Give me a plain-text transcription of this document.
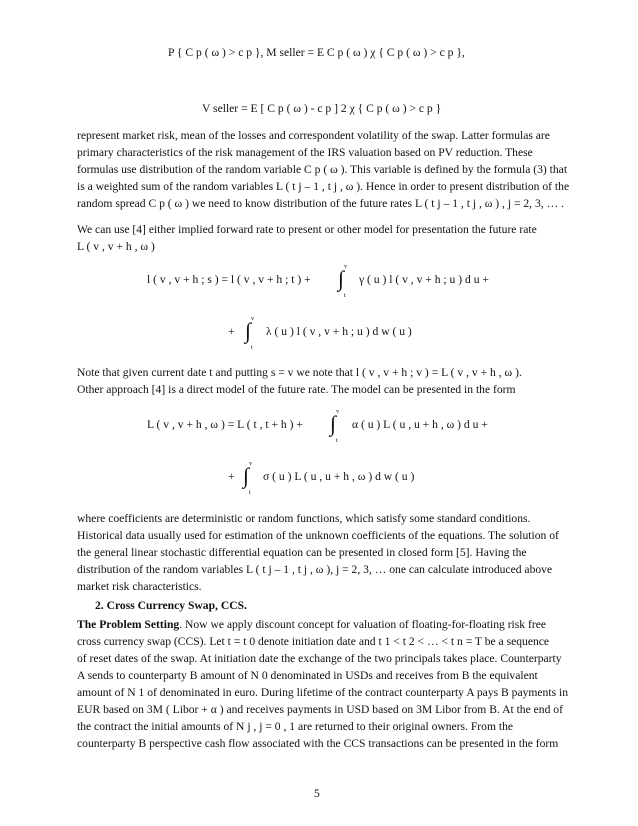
P { C p ( ω ) > c p }, M seller = E C p ( ω ) χ { C p ( ω ) > c p },
V seller = E [ C p ( ω ) - c p ] 2 χ { C p ( ω ) > c p }
represent market risk, mean of the losses and correspondent volatility of the swap. Latter formulas are
primary characteristics of the risk management of the IRS valuation based on PV reduction. These
formulas use distribution of the random variable C p ( ω ). This variable is defined by the formula (3) that
is a weighted sum of the random variables L ( t j – 1 , t j , ω ). Hence in order to present distribution of the
random spread C p ( ω ) we need to know distribution of the future rates L ( t j – 1 , t j , ω ) , j = 2, 3, … .
We can use [4] either implied forward rate to present or other model for presentation the future rate
L ( v , v + h , ω )
l ( v , v + h ; s ) = l ( v , v + h ; t ) +
v
∫
t
γ ( u ) l ( v , v + h ; u ) d u +
+
v
∫
t
λ ( u ) l ( v , v + h ; u ) d w ( u )
Note that given current date t and putting s = v we note that l ( v , v + h ; v ) = L ( v , v + h , ω ).
Other approach [4] is a direct model of the future rate. The model can be presented in the form
L ( v , v + h , ω ) = L ( t , t + h ) +
v
∫
t
α ( u ) L ( u , u + h , ω ) d u +
+
v
∫
t
σ ( u ) L ( u , u + h , ω ) d w ( u )
where coefficients are deterministic or random functions, which satisfy some standard conditions.
Historical data usually used for estimation of the unknown coefficients of the equations. The solution of
the general linear stochastic differential equation can be presented in closed form [5]. Having the
distribution of the random variables L ( t j – 1 , t j , ω ), j = 2, 3, … one can calculate introduced above
market risk characteristics.
2. Cross Currency Swap, CCS.
The Problem Setting. Now we apply discount concept for valuation of floating-for-floating risk free
cross currency swap (CCS). Let t = t 0 denote initiation date and t 1 < t 2 < … < t n = T be a sequence
of reset dates of the swap. At initiation date the exchange of the two principals takes place. Counterparty
A sends to counterparty B amount of N 0 denominated in USDs and receives from B the equivalent
amount of N 1 of denominated in euro. During lifetime of the contract counterparty A pays B payments in
EUR based on 3M ( Libor + α ) and receives payments in USD based on 3M Libor from B. At the end of
the contract the initial amounts of N j , j = 0 , 1 are returned to their original owners. From the
counterparty B perspective cash flow associated with the CCS transactions can be presented in the form
5
